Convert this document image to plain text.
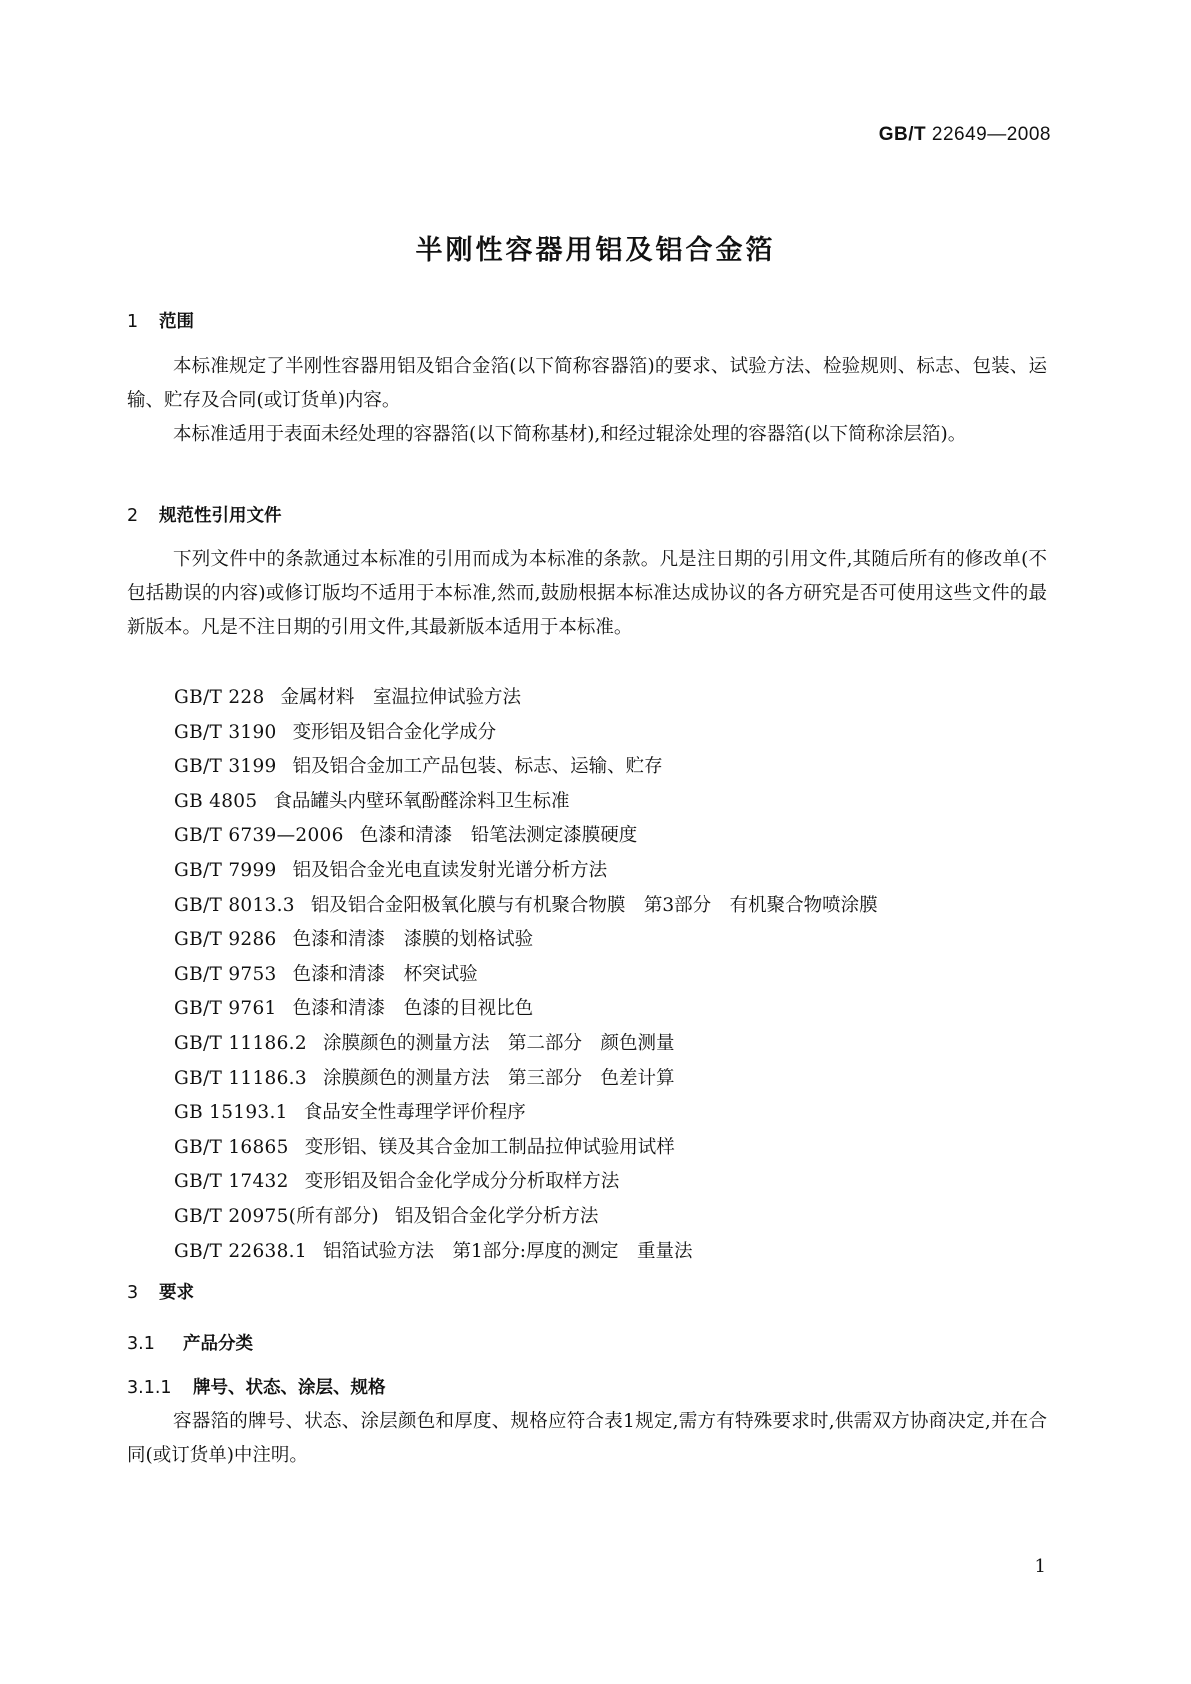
GB/T 22649—2008
半刚性容器用铝及铝合金箔
1 范围
本标准规定了半刚性容器用铝及铝合金箔(以下简称容器箔)的要求、试验方法、检验规则、标志、包装、运输、贮存及合同(或订货单)内容。
本标准适用于表面未经处理的容器箔(以下简称基材),和经过辊涂处理的容器箔(以下简称涂层箔)。
2 规范性引用文件
下列文件中的条款通过本标准的引用而成为本标准的条款。凡是注日期的引用文件,其随后所有的修改单(不包括勘误的内容)或修订版均不适用于本标准,然而,鼓励根据本标准达成协议的各方研究是否可使用这些文件的最新版本。凡是不注日期的引用文件,其最新版本适用于本标准。
GB/T 228 金属材料　室温拉伸试验方法
GB/T 3190 变形铝及铝合金化学成分
GB/T 3199 铝及铝合金加工产品包装、标志、运输、贮存
GB 4805 食品罐头内壁环氧酚醛涂料卫生标准
GB/T 6739—2006 色漆和清漆　铅笔法测定漆膜硬度
GB/T 7999 铝及铝合金光电直读发射光谱分析方法
GB/T 8013.3 铝及铝合金阳极氧化膜与有机聚合物膜　第3部分　有机聚合物喷涂膜
GB/T 9286 色漆和清漆　漆膜的划格试验
GB/T 9753 色漆和清漆　杯突试验
GB/T 9761 色漆和清漆　色漆的目视比色
GB/T 11186.2 涂膜颜色的测量方法　第二部分　颜色测量
GB/T 11186.3 涂膜颜色的测量方法　第三部分　色差计算
GB 15193.1 食品安全性毒理学评价程序
GB/T 16865 变形铝、镁及其合金加工制品拉伸试验用试样
GB/T 17432 变形铝及铝合金化学成分分析取样方法
GB/T 20975(所有部分) 铝及铝合金化学分析方法
GB/T 22638.1 铝箔试验方法　第1部分:厚度的测定　重量法
3 要求
3.1 产品分类
3.1.1 牌号、状态、涂层、规格
容器箔的牌号、状态、涂层颜色和厚度、规格应符合表1规定,需方有特殊要求时,供需双方协商决定,并在合同(或订货单)中注明。
1
